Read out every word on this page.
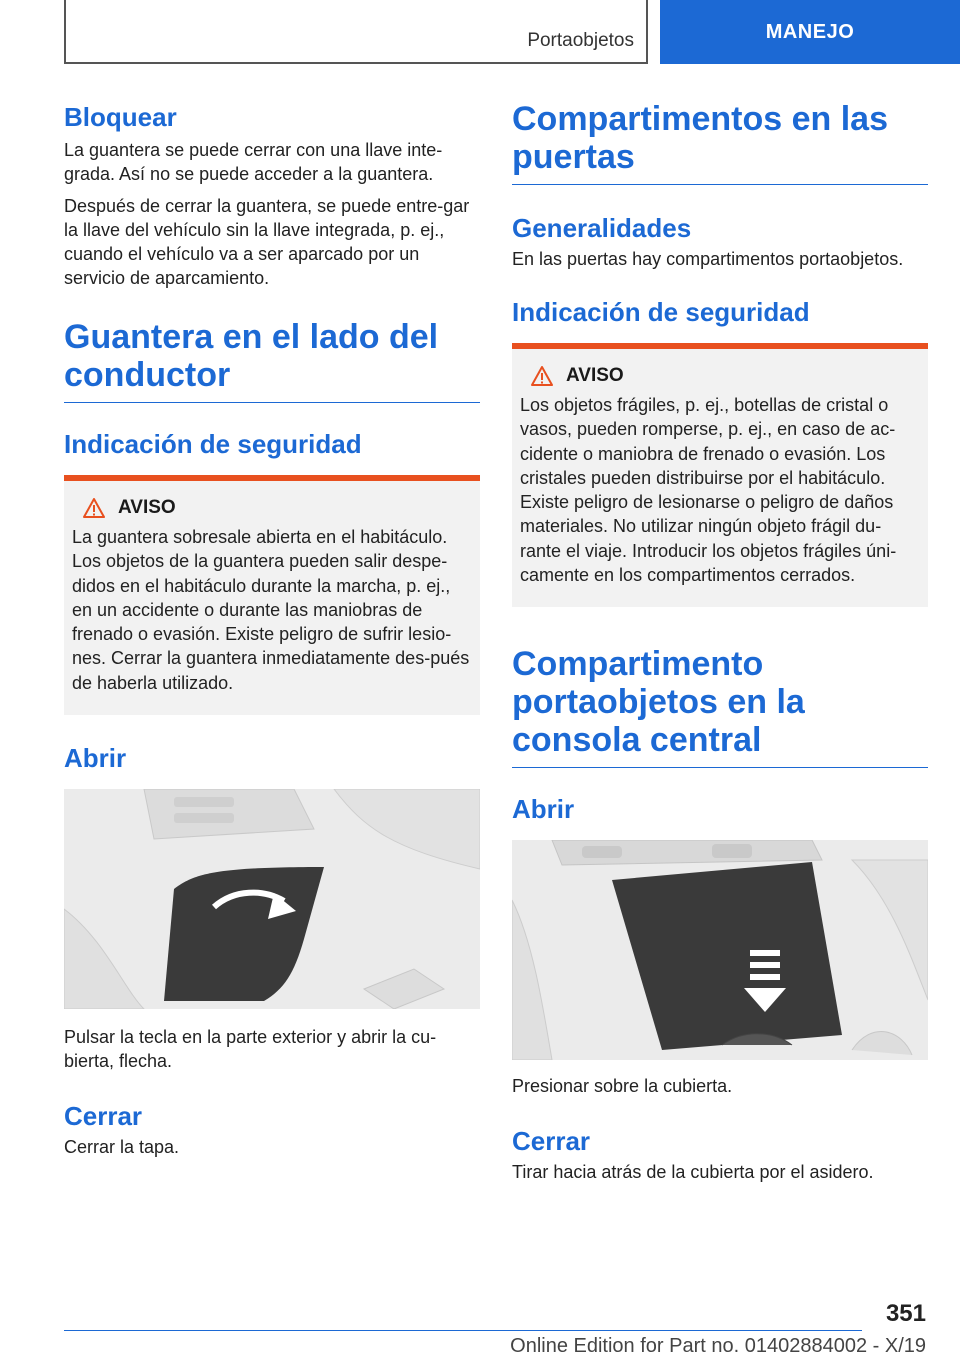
Portaobjetos	MANEJO
Bloquear

La guantera se puede cerrar con una llave inte-grada. Así no se puede acceder a la guantera.

Después de cerrar la guantera, se puede entre-gar la llave del vehículo sin la llave integrada, p. ej., cuando el vehículo va a ser aparcado por un servicio de aparcamiento.

Guantera en el lado del conductor
Indicación de seguridad
AVISO

La guantera sobresale abierta en el habitáculo. Los objetos de la guantera pueden salir despe-didos en el habitáculo durante la marcha, p. ej., en un accidente o durante las maniobras de frenado o evasión. Existe peligro de sufrir lesio-nes. Cerrar la guantera inmediatamente des-pués de haberla utilizado.

Abrir

Pulsar la tecla en la parte exterior y abrir la cu-bierta, flecha.

Cerrar

Cerrar la tapa.

Compartimentos en las puertas
Generalidades

En las puertas hay compartimentos portaobjetos.

Indicación de seguridad
AVISO

Los objetos frágiles, p. ej., botellas de cristal o vasos, pueden romperse, p. ej., en caso de ac-cidente o maniobra de frenado o evasión. Los cristales pueden distribuirse por el habitáculo. Existe peligro de lesionarse o peligro de daños materiales. No utilizar ningún objeto frágil du-rante el viaje. Introducir los objetos frágiles úni-camente en los compartimentos cerrados.

Compartimento portaobjetos en la consola central
Abrir

Presionar sobre la cubierta.

Cerrar

Tirar hacia atrás de la cubierta por el asidero.

351
Online Edition for Part no. 01402884002 - X/19
